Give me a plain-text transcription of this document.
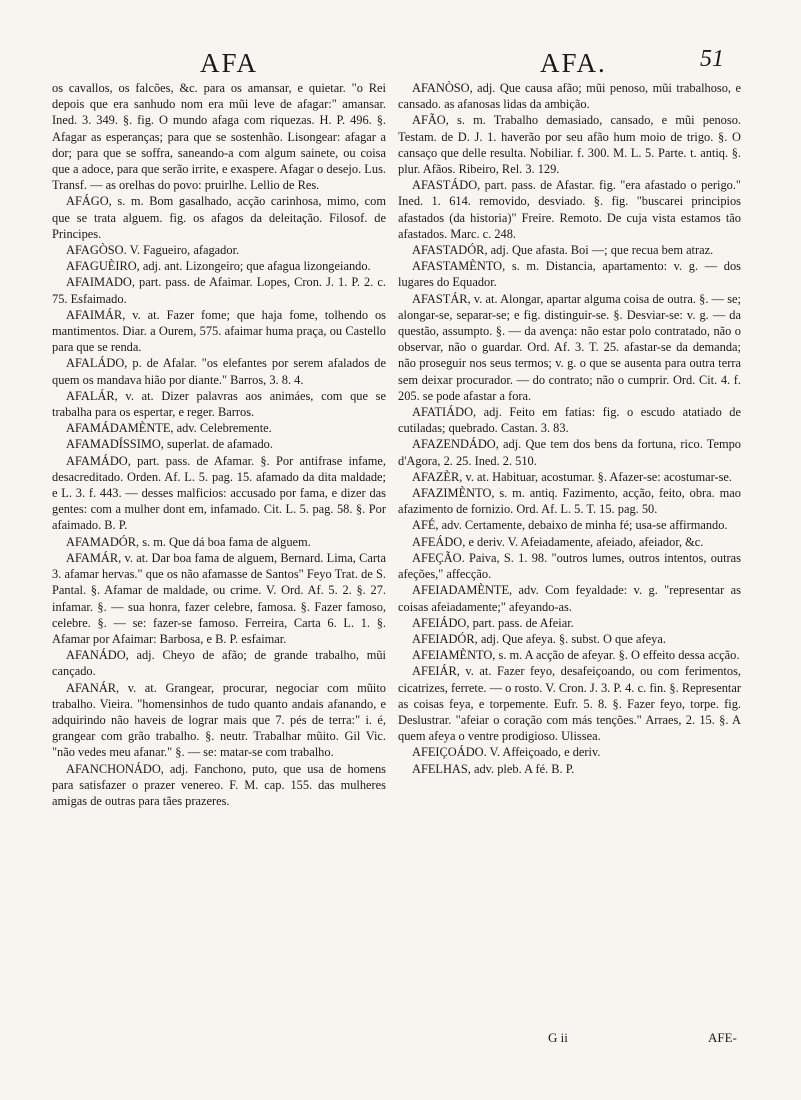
AFA	AFA.	51

os cavallos, os falcões, &c. para os amansar, e quietar. "o Rei depois que era sanhudo nom era mũi leve de afagar:" amansar. Ined. 3. 349. §. fig. O mundo afaga com riquezas. H. P. 496. §. Afagar as esperanças; para que se sostenhão. Lisongear: afagar a dor; para que se soffra, saneando-a com algum sainete, ou coisa que a adoce, para que serão irrite, e exaspere. Afagar o desejo. Lus. Transf. — as orelhas do povo: pruirlhe. Lellio de Res.

AFÁGO, s. m. Bom gasalhado, acção carinhosa, mimo, com que se trata alguem. fig. os afagos da deleitação. Filosof. de Principes.

AFAGÒSO. V. Fagueiro, afagador.

AFAGUÈIRO, adj. ant. Lizongeiro; que afagua lizongeiando.

AFAIMADO, part. pass. de Afaimar. Lopes, Cron. J. 1. P. 2. c. 75. Esfaimado.

AFAIMÁR, v. at. Fazer fome; que haja fome, tolhendo os mantimentos. Diar. a Ourem, 575. afaimar huma praça, ou Castello para que se renda.

AFALÁDO, p. de Afalar. "os elefantes por serem afalados de quem os mandava hião por diante." Barros, 3. 8. 4.

AFALÁR, v. at. Dizer palavras aos animáes, com que se trabalha para os espertar, e reger. Barros.

AFAMÁDAMÈNTE, adv. Celebremente.

AFAMADÍSSIMO, superlat. de afamado.

AFAMÁDO, part. pass. de Afamar. §. Por antifrase infame, desacreditado. Orden. Af. L. 5. pag. 15. afamado da dita maldade; e L. 3. f. 443. — desses malficios: accusado por fama, e dizer das gentes: com a mulher dont em, infamado. Cit. L. 5. pag. 58. §. Por afaimado. B. P.

AFAMADÓR, s. m. Que dá boa fama de alguem.

AFAMÁR, v. at. Dar boa fama de alguem, Bernard. Lima, Carta 3. afamar hervas." que os não afamasse de Santos" Feyo Trat. de S. Pantal. §. Afamar de maldade, ou crime. V. Ord. Af. 5. 2. §. 27. infamar. §. — sua honra, fazer celebre, famosa. §. Fazer famoso, celebre. §. — se: fazer-se famoso. Ferreira, Carta 6. L. 1. §. Afamar por Afaimar: Barbosa, e B. P. esfaimar.

AFANÁDO, adj. Cheyo de afão; de grande trabalho, mũi cançado.

AFANÁR, v. at. Grangear, procurar, negociar com mũito trabalho. Vieira. "homensinhos de tudo quanto andais afanando, e adquirindo não haveis de lograr mais que 7. pés de terra:" i. é, grangear com grão trabalho. §. neutr. Trabalhar mũito. Gil Vic. "não vedes meu afanar." §. — se: matar-se com trabalho.

AFANCHONÁDO, adj. Fanchono, puto, que usa de homens para satisfazer o prazer venereo. F. M. cap. 155. das mulheres amigas de outras para tães prazeres.

AFANÒSO, adj. Que causa afão; mũi penoso, mũi trabalhoso, e cansado. as afanosas lidas da ambição.

AFÃO, s. m. Trabalho demasiado, cansado, e mũi penoso. Testam. de D. J. 1. haverão por seu afão hum moio de trigo. §. O cansaço que delle resulta. Nobiliar. f. 300. M. L. 5. Parte. t. antiq. §. plur. Afãos. Ribeiro, Rel. 3. 129.

AFASTÁDO, part. pass. de Afastar. fig. "era afastado o perigo." Ined. 1. 614. removido, desviado. §. fig. "buscarei principios afastados (da historia)" Freire. Remoto. De cuja vista estamos tão afastados. Marc. c. 248.

AFASTADÓR, adj. Que afasta. Boi —; que recua bem atraz.

AFASTAMÈNTO, s. m. Distancia, apartamento: v. g. — dos lugares do Equador.

AFASTÁR, v. at. Alongar, apartar alguma coisa de outra. §. — se; alongar-se, separar-se; e fig. distinguir-se. §. Desviar-se: v. g. — da questão, assumpto. §. — da avença: não estar polo contratado, não o observar, não o guardar. Ord. Af. 3. T. 25. afastar-se da demanda; não proseguir nos seus termos; v. g. o que se ausenta para outra terra sem deixar procurador. — do contrato; não o cumprir. Ord. Cit. 4. f. 205. se pode afastar a fora.

AFATIÁDO, adj. Feito em fatias: fig. o escudo atatiado de cutiladas; quebrado. Castan. 3. 83.

AFAZENDÁDO, adj. Que tem dos bens da fortuna, rico. Tempo d'Agora, 2. 25. Ined. 2. 510.

AFAZÈR, v. at. Habituar, acostumar. §. Afazer-se: acostumar-se.

AFAZIMÈNTO, s. m. antiq. Fazimento, acção, feito, obra. mao afazimento de fornizio. Ord. Af. L. 5. T. 15. pag. 50.

AFÉ, adv. Certamente, debaixo de minha fé; usa-se affirmando.

AFEÁDO, e deriv. V. Afeiadamente, afeiado, afeiador, &c.

AFEÇÃO. Paiva, S. 1. 98. "outros lumes, outros intentos, outras afeções," affecção.

AFEIADAMÈNTE, adv. Com feyaldade: v. g. "representar as coisas afeiadamente;" afeyando-as.

AFEIÁDO, part. pass. de Afeiar.

AFEIADÓR, adj. Que afeya. §. subst. O que afeya.

AFEIAMÈNTO, s. m. A acção de afeyar. §. O effeito dessa acção.

AFEIÁR, v. at. Fazer feyo, desafeiçoando, ou com ferimentos, cicatrizes, ferrete. — o rosto. V. Cron. J. 3. P. 4. c. fin. §. Representar as coisas feya, e torpemente. Eufr. 5. 8. §. Fazer feyo, torpe. fig. Deslustrar. "afeiar o coração com más tenções." Arraes, 2. 15. §. A quem afeya o ventre prodigioso. Ulissea.

AFEIÇOÁDO. V. Affeiçoado, e deriv.

AFELHAS, adv. pleb. A fé. B. P.

G ii	AFE-
